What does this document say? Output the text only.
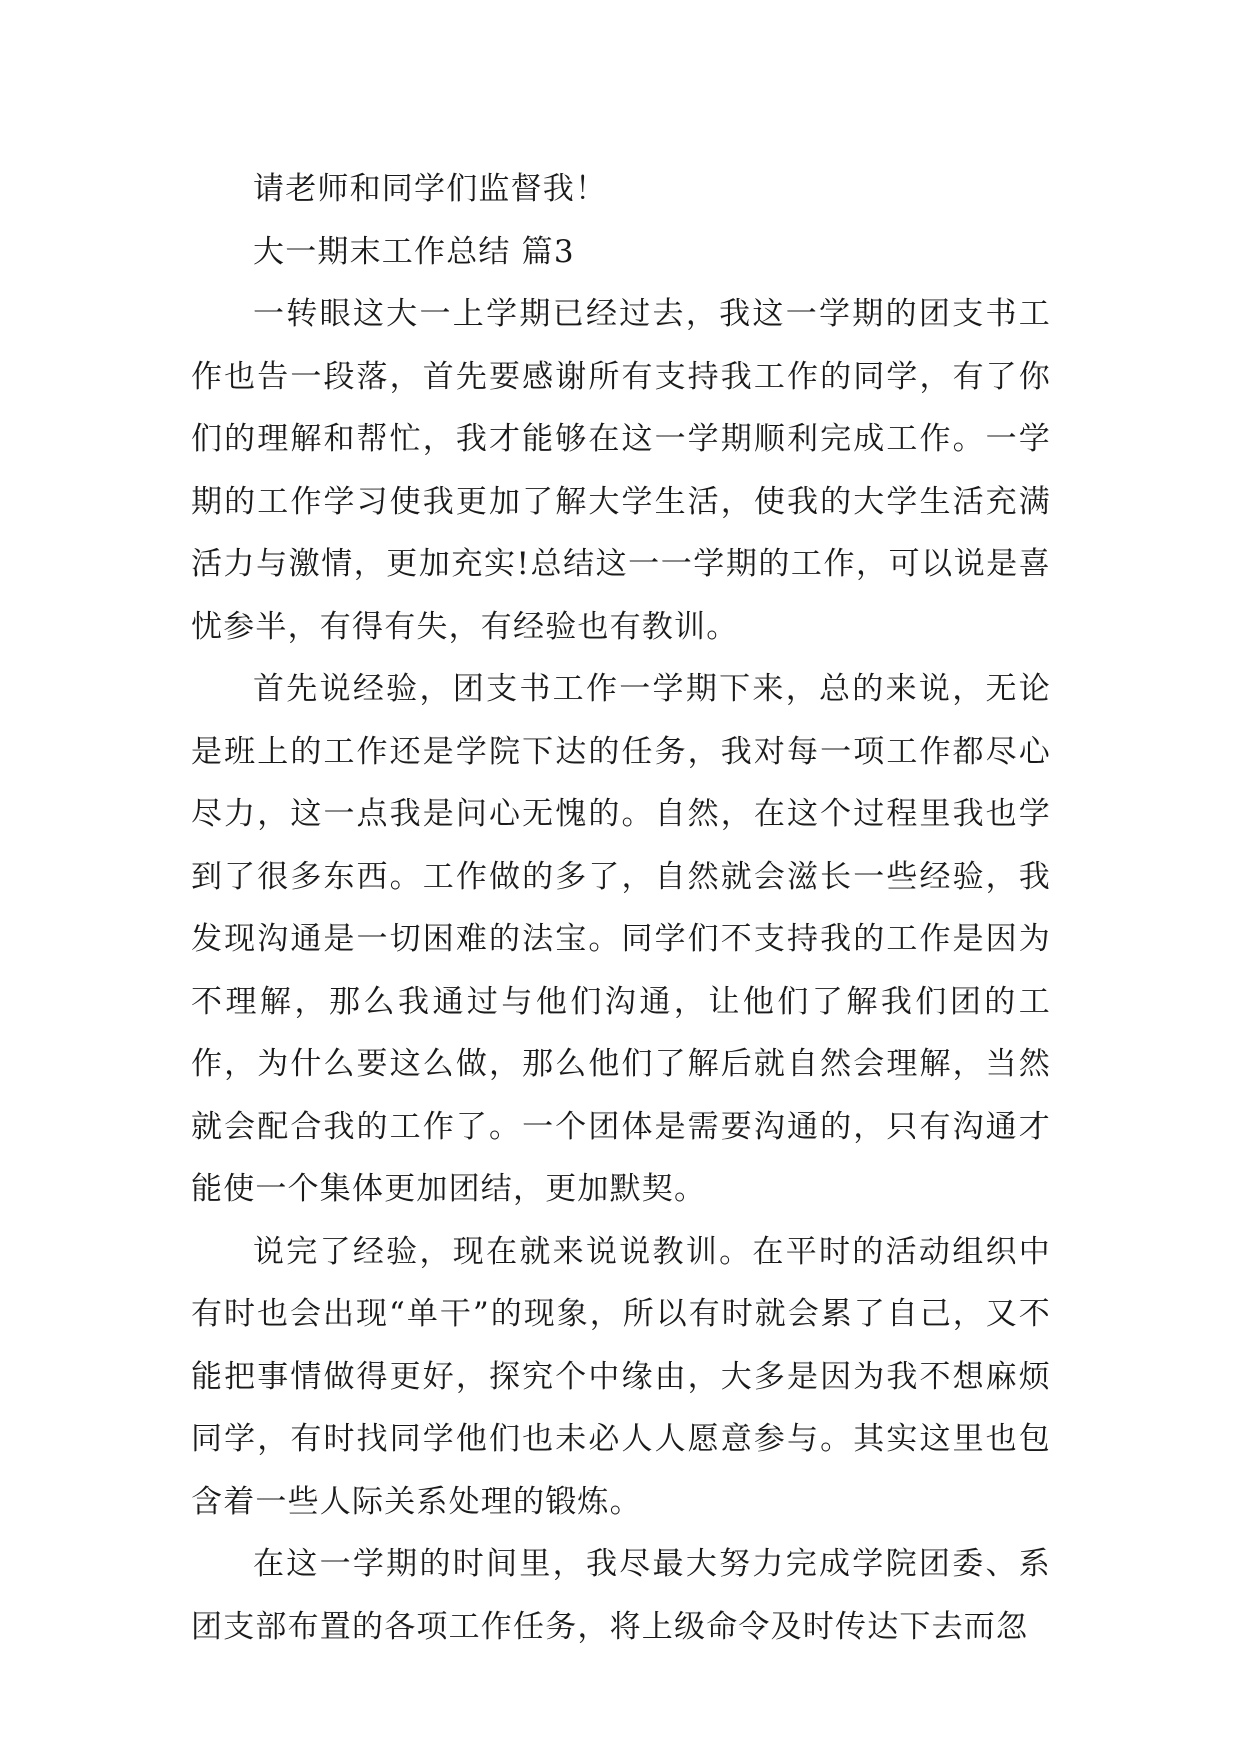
请老师和同学们监督我！

大一期末工作总结 篇3

一转眼这大一上学期已经过去，我这一学期的团支书工作也告一段落，首先要感谢所有支持我工作的同学，有了你们的理解和帮忙，我才能够在这一学期顺利完成工作。一学期的工作学习使我更加了解大学生活，使我的大学生活充满活力与激情，更加充实!总结这一一学期的工作，可以说是喜忧参半，有得有失，有经验也有教训。

首先说经验，团支书工作一学期下来，总的来说，无论是班上的工作还是学院下达的任务，我对每一项工作都尽心尽力，这一点我是问心无愧的。自然，在这个过程里我也学到了很多东西。工作做的多了，自然就会滋长一些经验，我发现沟通是一切困难的法宝。同学们不支持我的工作是因为不理解，那么我通过与他们沟通，让他们了解我们团的工作，为什么要这么做，那么他们了解后就自然会理解，当然就会配合我的工作了。一个团体是需要沟通的，只有沟通才能使一个集体更加团结，更加默契。

说完了经验，现在就来说说教训。在平时的活动组织中有时也会出现“单干”的现象，所以有时就会累了自己，又不能把事情做得更好，探究个中缘由，大多是因为我不想麻烦同学，有时找同学他们也未必人人愿意参与。其实这里也包含着一些人际关系处理的锻炼。

在这一学期的时间里，我尽最大努力完成学院团委、系团支部布置的各项工作任务，将上级命令及时传达下去而忽
